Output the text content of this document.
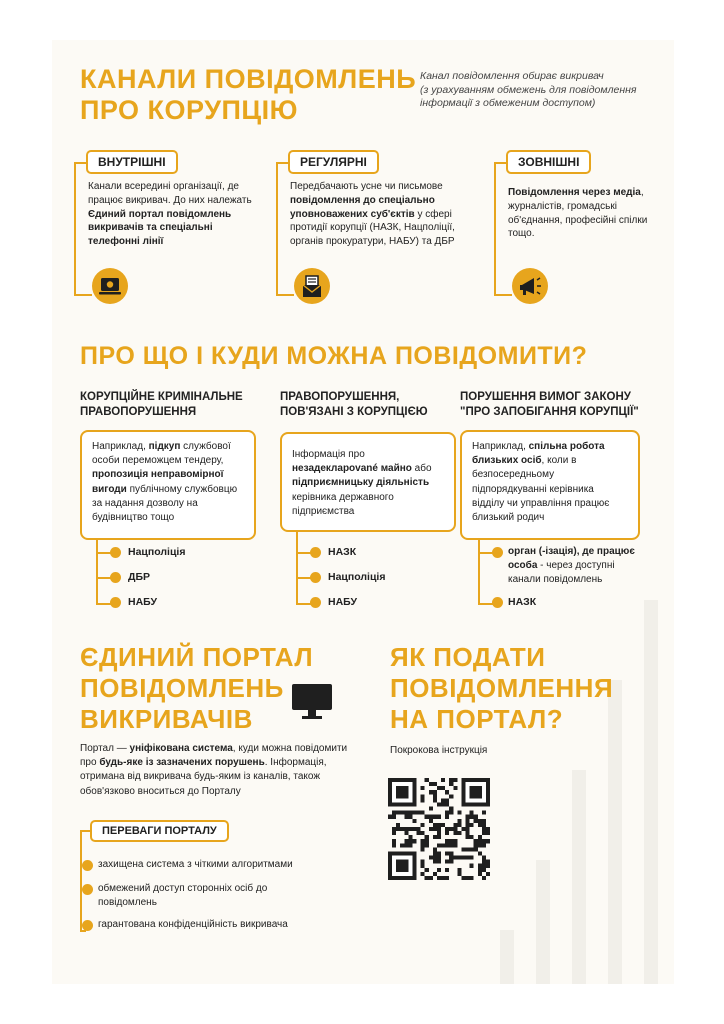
КАНАЛИ ПОВІДОМЛЕНЬ
ПРО КОРУПЦІЮ
Канал повідомлення обирає викривач
(з урахуванням обмежень для повідомлення
інформації з обмеженим доступом)
ВНУТРІШНІ
Канали всередині організації, де працює викривач. До них належать Єдиний портал повідомлень викривачів та спеціальні телефонні лінії
РЕГУЛЯРНІ
Передбачають усне чи письмове повідомлення до спеціально уповноважених суб'єктів у сфері протидії корупції (НАЗК, Нацполіції, органів прокуратури, НАБУ) та ДБР
ЗОВНІШНІ
Повідомлення через медіа, журналістів, громадські об'єднання, професійні спілки тощо.
ПРО ЩО І КУДИ МОЖНА ПОВІДОМИТИ?
КОРУПЦІЙНЕ КРИМІНАЛЬНЕ
ПРАВОПОРУШЕННЯ
Наприклад, підкуп службової особи переможцем тендеру, пропозиція неправомірної вигоди публічному службовцю за надання дозволу на будівництво тощо
Нацполіція
ДБР
НАБУ
ПРАВОПОРУШЕННЯ,
ПОВ'ЯЗАНІ З КОРУПЦІЄЮ
Інформація про незадекларované майно або підприємницьку діяльність керівника державного підприємства
НАЗК
Нацполіція
НАБУ
ПОРУШЕННЯ ВИМОГ ЗАКОНУ
"ПРО ЗАПОБІГАННЯ КОРУПЦІЇ"
Наприклад, спільна робота близьких осіб, коли в безпосередньому підпорядкуванні керівника відділу чи управління працює близький родич
орган (-ізація), де працює особа - через доступні канали повідомлень
НАЗК
ЄДИНИЙ ПОРТАЛ
ПОВІДОМЛЕНЬ
ВИКРИВАЧІВ
Портал — уніфікована система, куди можна повідомити про будь-яке із зазначених порушень. Інформація, отримана від викривача будь-яким із каналів, також обов'язково вноситься до Порталу
ПЕРЕВАГИ ПОРТАЛУ
захищена система з чіткими алгоритмами
обмежений доступ сторонніх осіб до повідомлень
гарантована конфіденційність викривача
ЯК ПОДАТИ
ПОВІДОМЛЕННЯ
НА ПОРТАЛ?
Покрокова інструкція
